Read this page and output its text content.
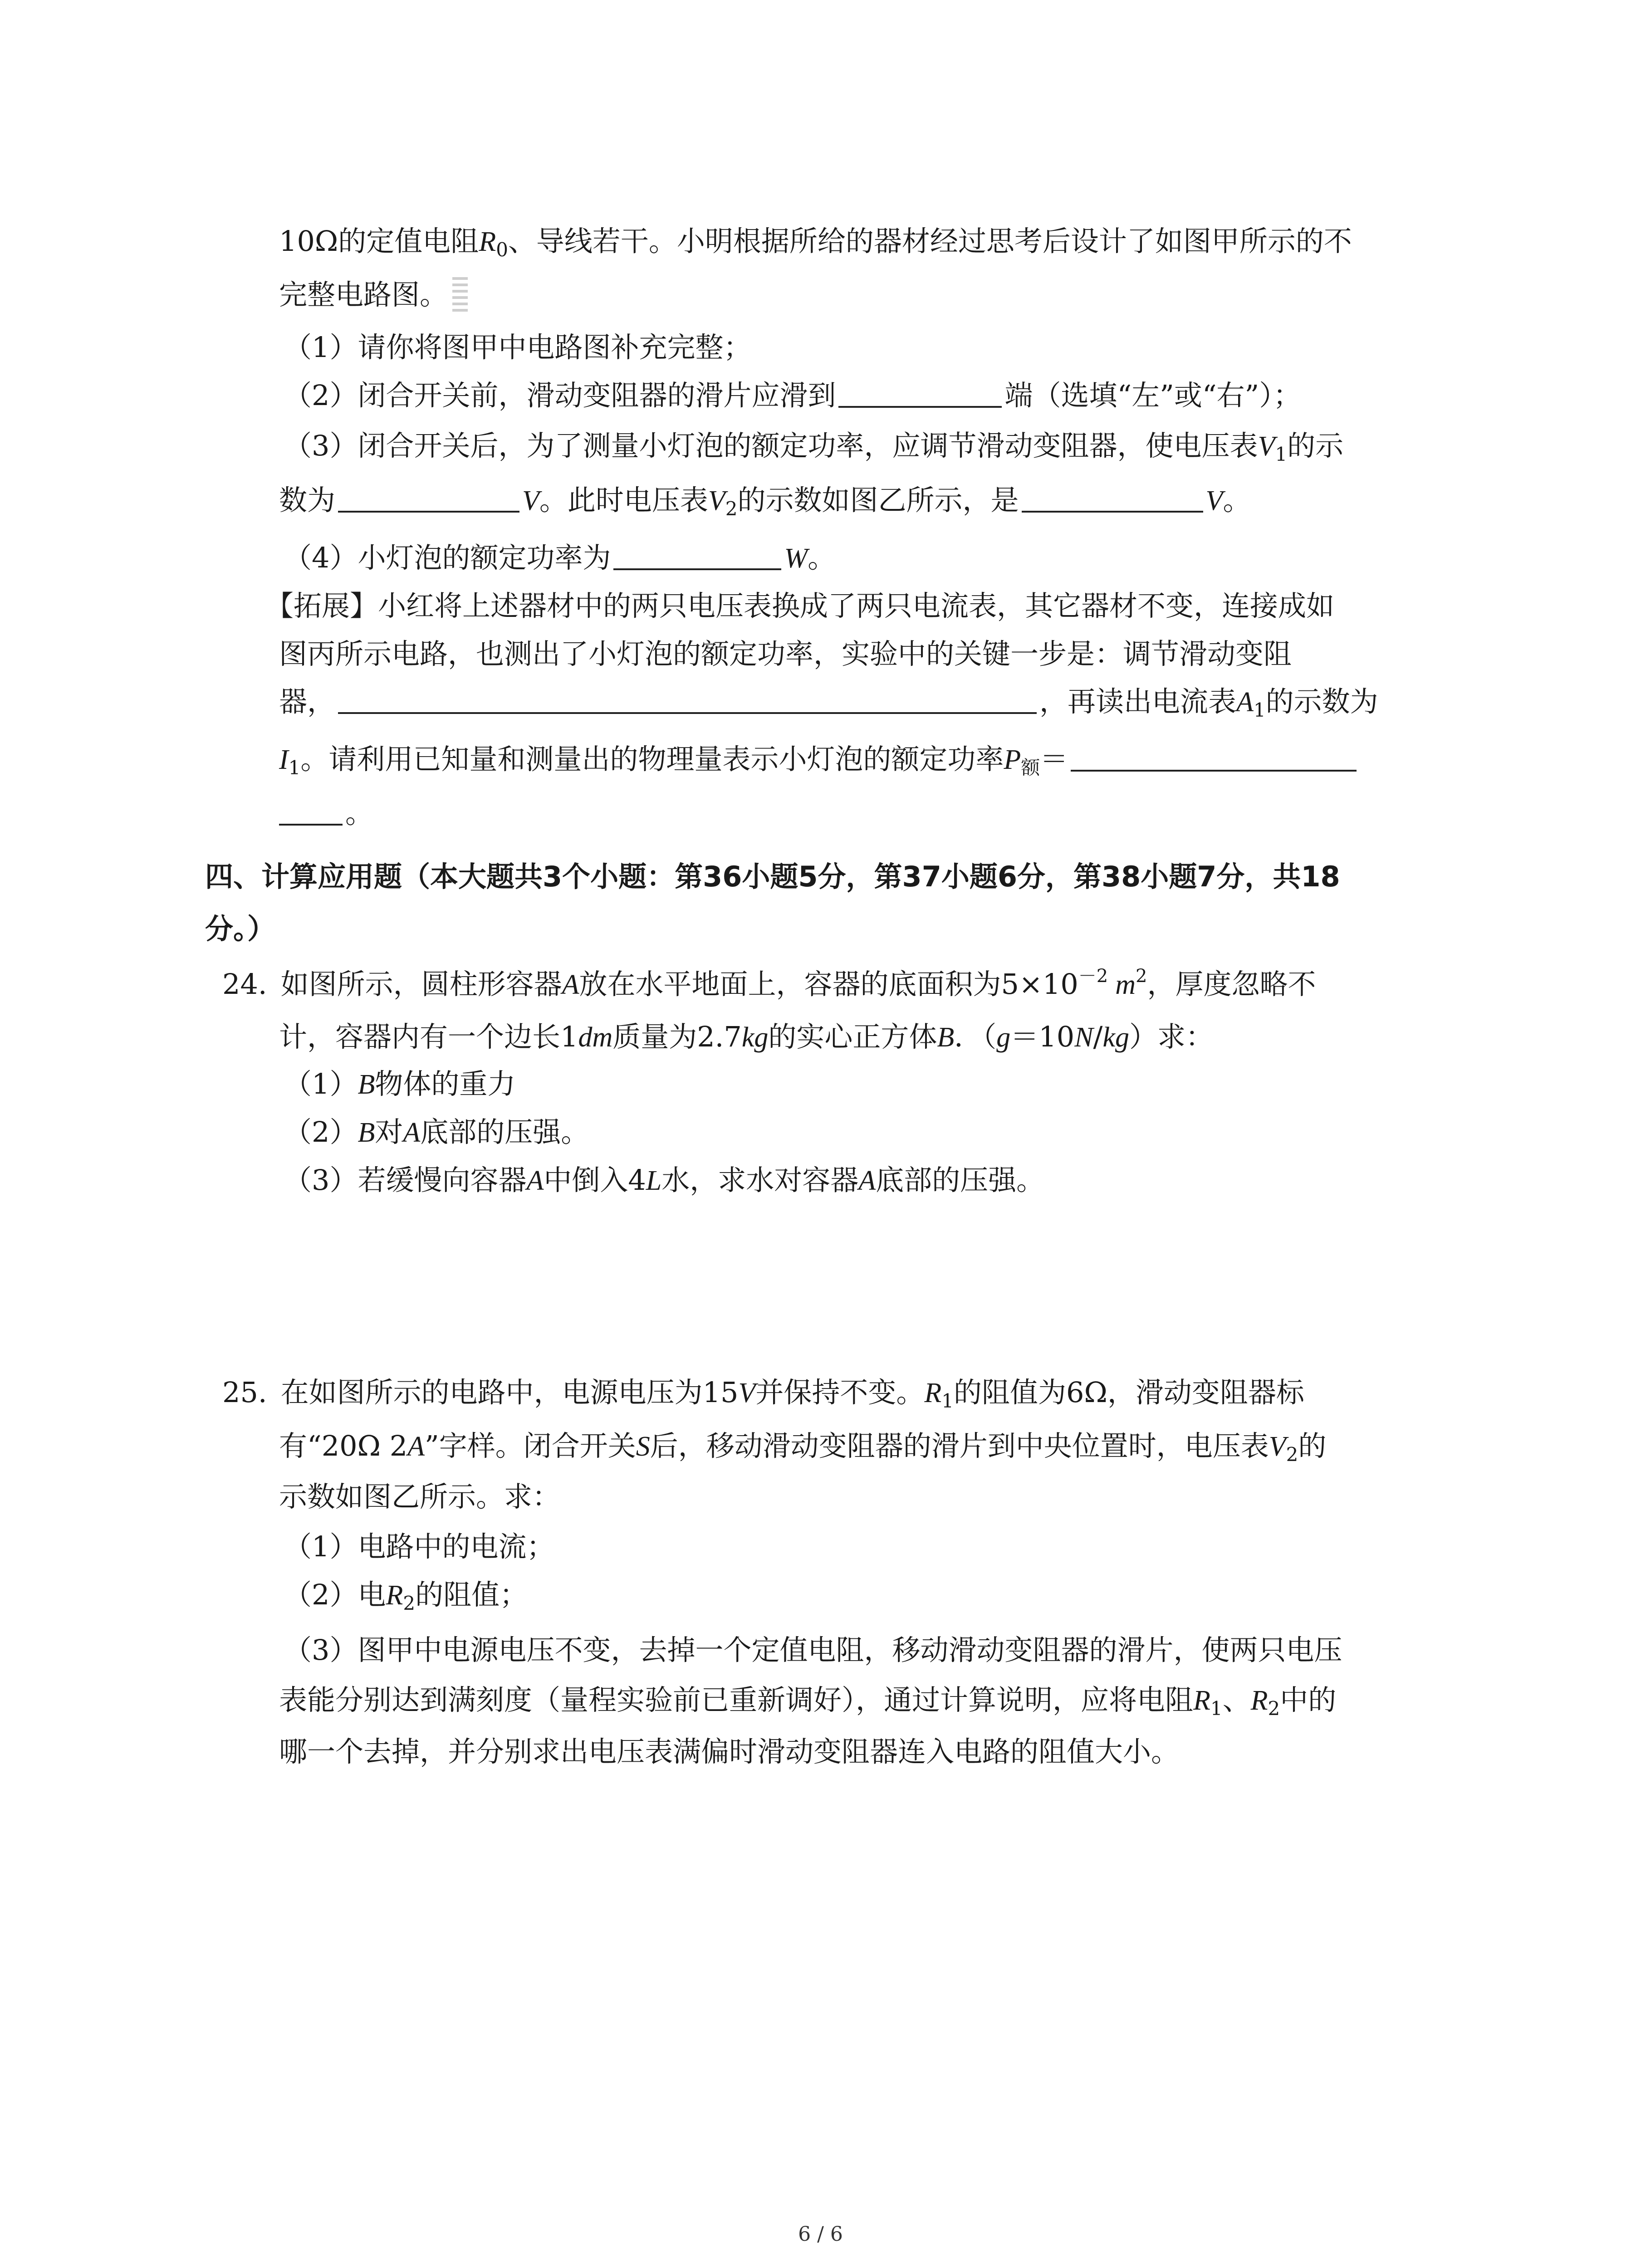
10Ω的定值电阻$R_0$、导线若干。小明根据所给的器材经过思考后设计了如图甲所示的不
完整电路图。
（1）请你将图甲中电路图补充完整；
（2）闭合开关前，滑动变阻器的滑片应滑到	端（选填“左”或“右”）；
（3）闭合开关后，为了测量小灯泡的额定功率，应调节滑动变阻器，使电压表$V_1$的示
数为	V。此时电压表$V_2$的示数如图乙所示，是	V。
（4）小灯泡的额定功率为	W。
【拓展】小红将上述器材中的两只电压表换成了两只电流表，其它器材不变，连接成如
图丙所示电路，也测出了小灯泡的额定功率，实验中的关键一步是：调节滑动变阻
器，	，再读出电流表$A_1$的示数为
$I_1$。请利用已知量和测量出的物理量表示小灯泡的额定功率$P_额=$
。
四、计算应用题（本大题共3个小题：第36小题5分，第37小题6分，第38小题7分，共18
分。）
24. 如图所示，圆柱形容器A放在水平地面上，容器的底面积为$5\times 10^{-2}$ $m^2$，厚度忽略不
计，容器内有一个边长1dm质量为2.7kg的实心正方体B．（g＝10N/kg）求：
（1）B物体的重力
（2）B对A底部的压强。
（3）若缓慢向容器A中倒入4L水，求水对容器A底部的压强。
25. 在如图所示的电路中，电源电压为15V并保持不变。$R_1$的阻值为6Ω，滑动变阻器标
有“20Ω 2A”字样。闭合开关S后，移动滑动变阻器的滑片到中央位置时，电压表$V_2$的
示数如图乙所示。求：
（1）电路中的电流；
（2）电$R_2$的阻值；
（3）图甲中电源电压不变，去掉一个定值电阻，移动滑动变阻器的滑片，使两只电压
表能分别达到满刻度（量程实验前已重新调好），通过计算说明，应将电阻$R_1$、$R_2$中的
哪一个去掉，并分别求出电压表满偏时滑动变阻器连入电路的阻值大小。
6 / 6
